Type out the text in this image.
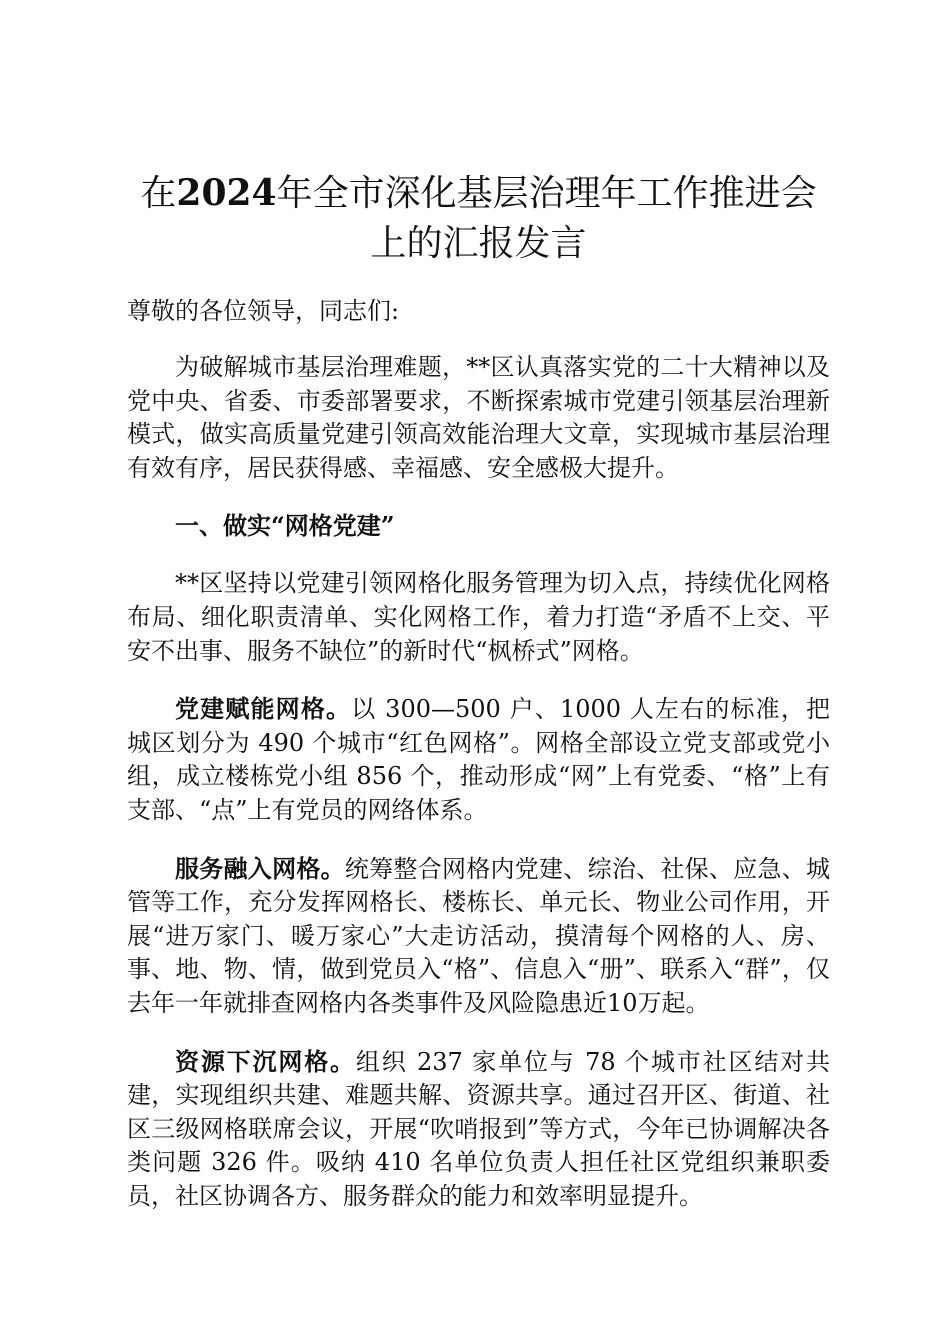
在2024年全市深化基层治理年工作推进会上的汇报发言
尊敬的各位领导，同志们:

为破解城市基层治理难题，**区认真落实党的二十大精神以及党中央、省委、市委部署要求，不断探索城市党建引领基层治理新模式，做实高质量党建引领高效能治理大文章，实现城市基层治理有效有序，居民获得感、幸福感、安全感极大提升。

一、做实“网格党建”

**区坚持以党建引领网格化服务管理为切入点，持续优化网格布局、细化职责清单、实化网格工作，着力打造“矛盾不上交、平安不出事、服务不缺位”的新时代“枫桥式”网格。

党建赋能网格。以 300—500 户、1000 人左右的标准，把城区划分为 490 个城市“红色网格”。网格全部设立党支部或党小组，成立楼栋党小组 856 个，推动形成“网”上有党委、“格”上有支部、“点”上有党员的网络体系。

服务融入网格。统筹整合网格内党建、综治、社保、应急、城管等工作，充分发挥网格长、楼栋长、单元长、物业公司作用，开展“进万家门、暖万家心”大走访活动，摸清每个网格的人、房、事、地、物、情，做到党员入“格”、信息入“册”、联系入“群”，仅去年一年就排查网格内各类事件及风险隐患近10万起。

资源下沉网格。组织 237 家单位与 78 个城市社区结对共建，实现组织共建、难题共解、资源共享。通过召开区、街道、社区三级网格联席会议，开展“吹哨报到”等方式，今年已协调解决各类问题 326 件。吸纳 410 名单位负责人担任社区党组织兼职委员，社区协调各方、服务群众的能力和效率明显提升。
